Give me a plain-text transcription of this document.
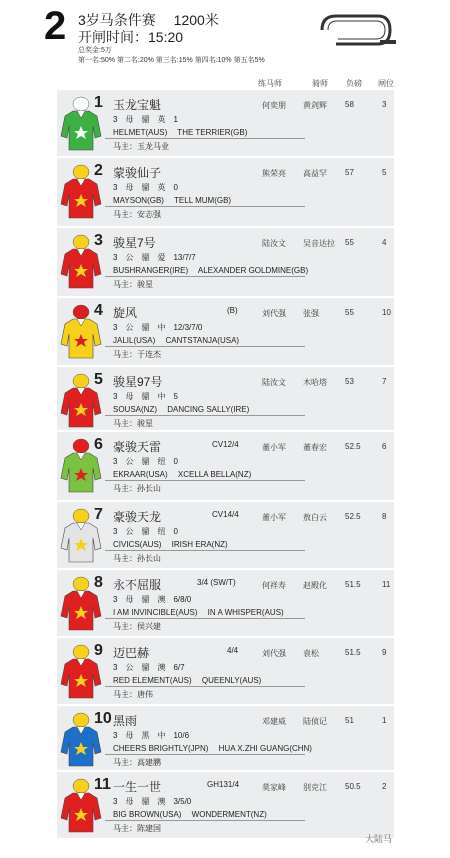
2 3岁马条件赛　 1200米
开闸时间：15:20
总奖金:5万
第一名:50% 第二名:20% 第三名:15% 第四名:10% 第五名5%
练马师	骑师 负磅 闸位
1 玉龙宝魁	何奕朋 黄剑辉 58	3
3　母　骝　英　1
HELMET(AUS)　 THE TERRIER(GB)
马主：玉龙马业
2 蒙骏仙子	熊荣亮 高益罕 57	5
3　母　骝　英　0
MAYSON(GB)　 TELL MUM(GB)
马主：安志强
3 骏星7号	陆汝文 吴音达拉 55	4
3　公　骝　爱　13/7/7
BUSHRANGER(IRE)　 ALEXANDER GOLDMINE(GB)
马主：骏星
4 旋风	(B)	刘代强 张强	55	10
3　公　骝　中　12/3/7/0
JALIL(USA)　 CANTSTANJA(USA)
马主：于连杰
5 骏星97号	陆汝文 木哈塔 53	7
3　母　骝　中　5
SOUSA(NZ)　 DANCING SALLY(IRE)
马主：骏星
6 豪骏天雷	CV12/4	董小军 董春宏 52.5	6
3　公　骝　纽　0
EKRAAR(USA)　 XCELLA BELLA(NZ)
马主：孙长山
7 豪骏天龙	CV14/4	董小军 敖白云 52.5	8
3　公　骝　纽　0
CIVICS(AUS)　 IRISH ERA(NZ)
马主：孙长山
8 永不屈服	3/4 (SW/T)	何祥寿 赵殿化 51.5	11
3　母　骝　澳　6/8/0
I AM INVINCIBLE(AUS)　 IN A WHISPER(AUS)
马主：侯兴建
9 迈巴赫	4/4	刘代强 袁松	51.5	9
3　公　骝　澳　6/7
RED ELEMENT(AUS)　 QUEENLY(AUS)
马主：唐伟
10 黑雨	邓建威 陆侦记 51	1
3　母　黑　中　10/6
CHEERS BRIGHTLY(JPN)　 HUA X.ZHI GUANG(CHN)
马主：高建鹏
11 一生一世	GH131/4	莫家峰 别克江 50.5	2
3　母　骝　澳　3/5/0
BIG BROWN(USA)　 WONDERMENT(NZ)
马主：陈建国
大陆马
